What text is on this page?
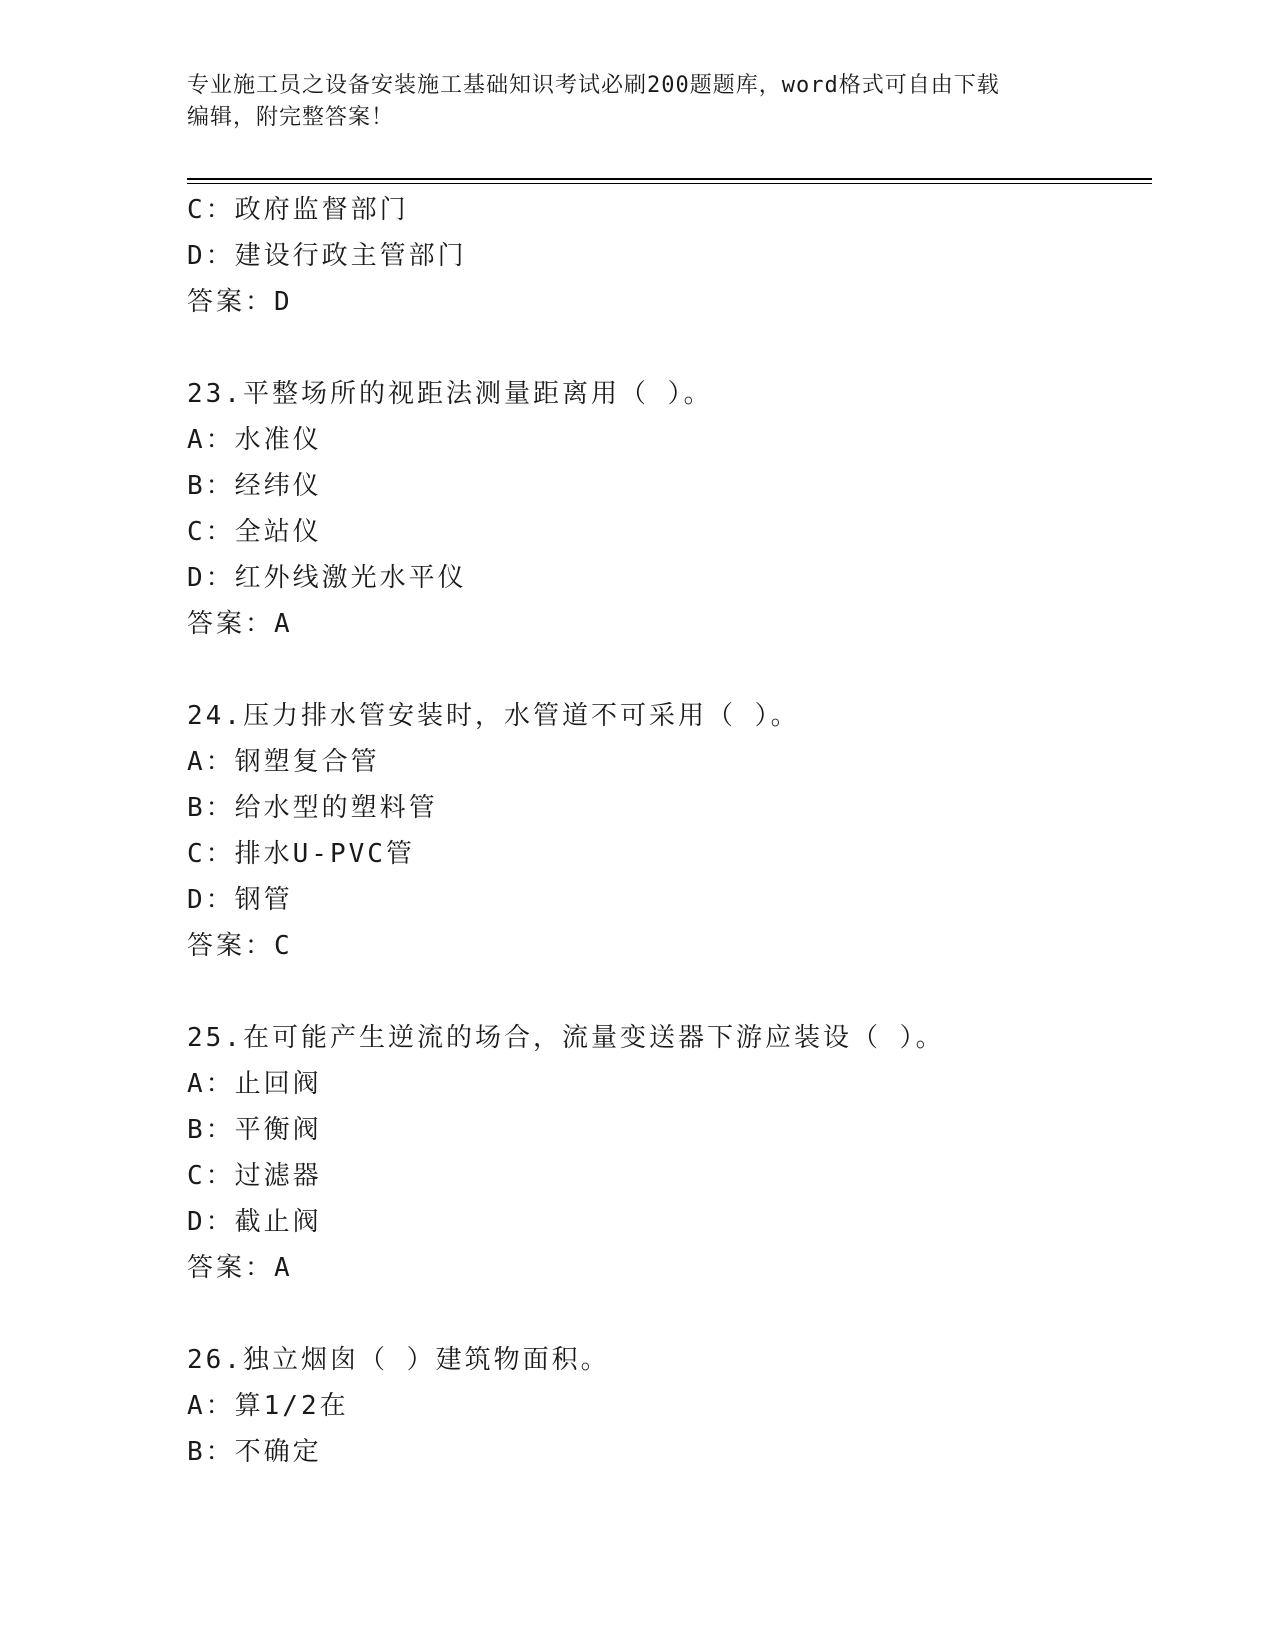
专业施工员之设备安装施工基础知识考试必刷200题题库，word格式可自由下载
编辑，附完整答案！
C：政府监督部门
D：建设行政主管部门
答案：D
23.平整场所的视距法测量距离用（ ）。
A：水准仪
B：经纬仪
C：全站仪
D：红外线激光水平仪
答案：A
24.压力排水管安装时，水管道不可采用（ ）。
A：钢塑复合管
B：给水型的塑料管
C：排水U-PVC管
D：钢管
答案：C
25.在可能产生逆流的场合，流量变送器下游应装设（ ）。
A：止回阀
B：平衡阀
C：过滤器
D：截止阀
答案：A
26.独立烟囱（ ）建筑物面积。
A：算1/2在
B：不确定
